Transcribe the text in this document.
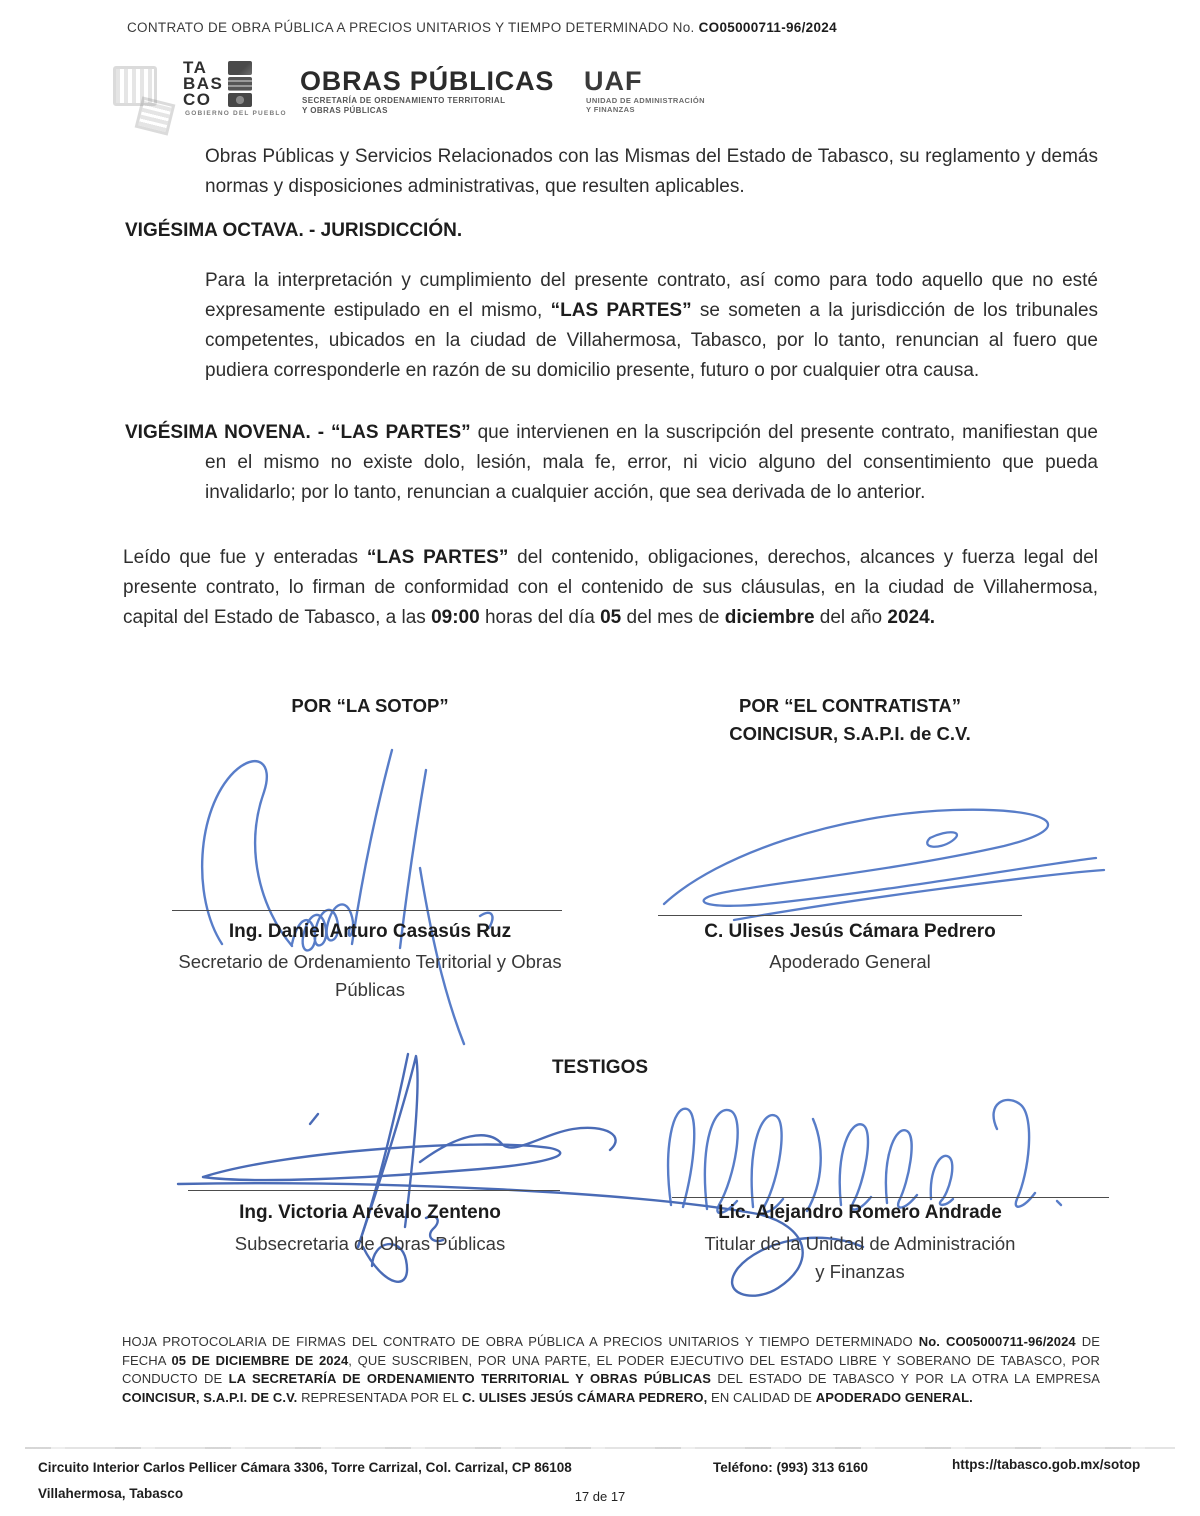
CONTRATO DE OBRA PÚBLICA A PRECIOS UNITARIOS Y TIEMPO DETERMINADO No. CO05000711-96/2024
TA
BAS
CO
GOBIERNO DEL PUEBLO
OBRAS PÚBLICAS
SECRETARÍA DE ORDENAMIENTO TERRITORIAL
Y OBRAS PÚBLICAS
UAF
UNIDAD DE ADMINISTRACIÓN
Y FINANZAS

Obras Públicas y Servicios Relacionados con las Mismas del Estado de Tabasco, su reglamento y demás normas y disposiciones administrativas, que resulten aplicables.

VIGÉSIMA OCTAVA. - JURISDICCIÓN.

Para la interpretación y cumplimiento del presente contrato, así como para todo aquello que no esté expresamente estipulado en el mismo, “LAS PARTES” se someten a la jurisdicción de los tribunales competentes, ubicados en la ciudad de Villahermosa, Tabasco, por lo tanto, renuncian al fuero que pudiera corresponderle en razón de su domicilio presente, futuro o por cualquier otra causa.

VIGÉSIMA NOVENA. - “LAS PARTES” que intervienen en la suscripción del presente contrato, manifiestan que en el mismo no existe dolo, lesión, mala fe, error, ni vicio alguno del consentimiento que pueda invalidarlo; por lo tanto, renuncian a cualquier acción, que sea derivada de lo anterior.

Leído que fue y enteradas “LAS PARTES” del contenido, obligaciones, derechos, alcances y fuerza legal del presente contrato, lo firman de conformidad con el contenido de sus cláusulas, en la ciudad de Villahermosa, capital del Estado de Tabasco, a las 09:00 horas del día 05 del mes de diciembre del año 2024.

POR “LA SOTOP”	POR “EL CONTRATISTA”
COINCISUR, S.A.P.I. de C.V.
Ing. Daniel Arturo Casasús Ruz
Secretario de Ordenamiento Territorial y Obras Públicas
C. Ulises Jesús Cámara Pedrero
Apoderado General
TESTIGOS
Ing. Victoria Arévalo Zenteno
Subsecretaria de Obras Públicas
Lic. Alejandro Romero Andrade
Titular de la Unidad de Administración
y Finanzas

HOJA PROTOCOLARIA DE FIRMAS DEL CONTRATO DE OBRA PÚBLICA A PRECIOS UNITARIOS Y TIEMPO DETERMINADO No. CO05000711-96/2024 DE FECHA 05 DE DICIEMBRE DE 2024, QUE SUSCRIBEN, POR UNA PARTE, EL PODER EJECUTIVO DEL ESTADO LIBRE Y SOBERANO DE TABASCO, POR CONDUCTO DE LA SECRETARÍA DE ORDENAMIENTO TERRITORIAL Y OBRAS PÚBLICAS DEL ESTADO DE TABASCO Y POR LA OTRA LA EMPRESA COINCISUR, S.A.P.I. DE C.V. REPRESENTADA POR EL C. ULISES JESÚS CÁMARA PEDRERO, EN CALIDAD DE APODERADO GENERAL.

Circuito Interior Carlos Pellicer Cámara 3306, Torre Carrizal, Col. Carrizal, CP 86108
Villahermosa, Tabasco
Teléfono: (993) 313 6160	https://tabasco.gob.mx/sotop
17 de 17
